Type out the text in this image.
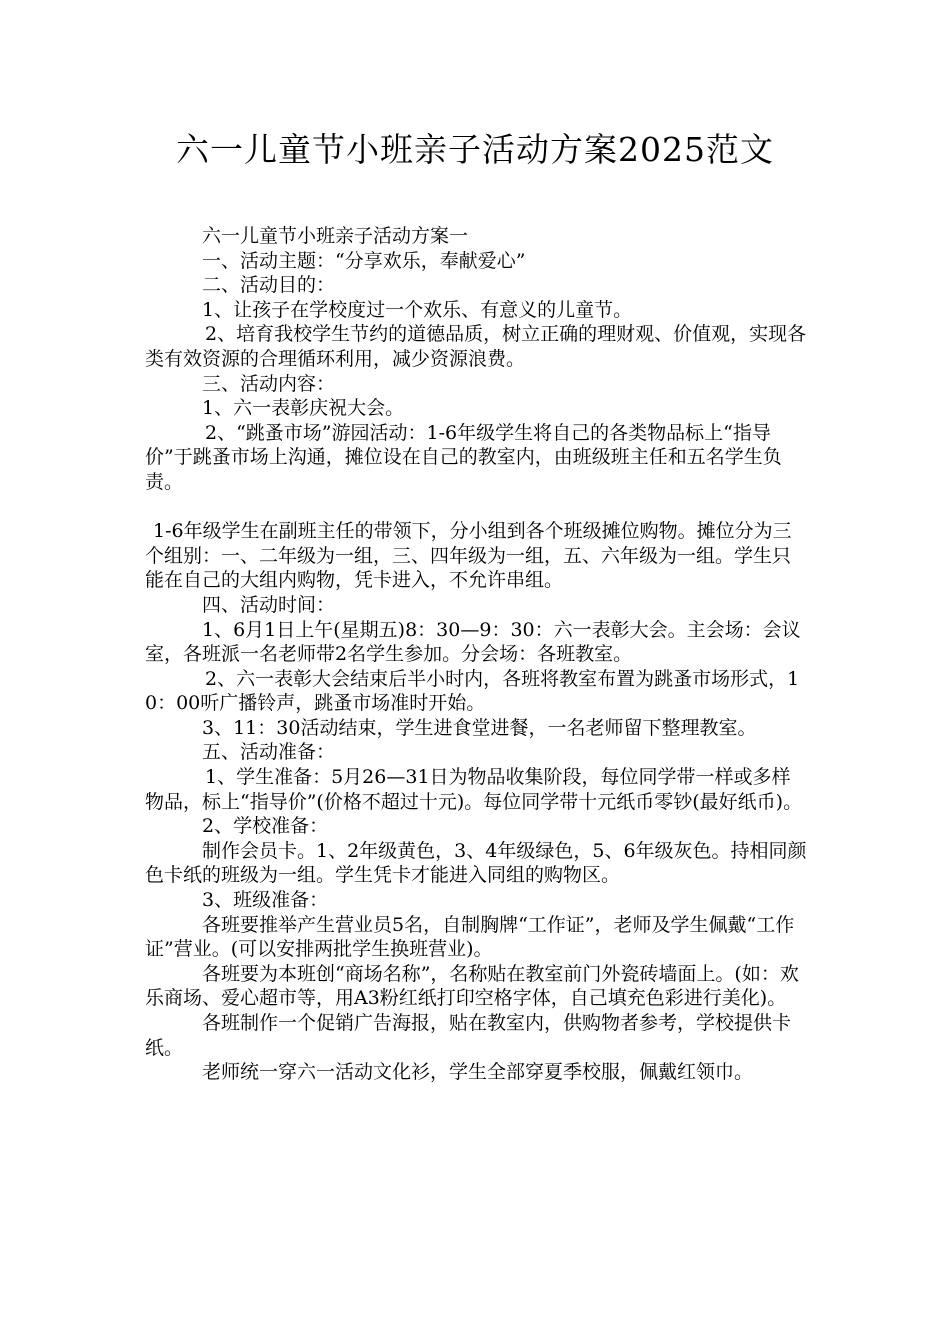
六一儿童节小班亲子活动方案2025范文

六一儿童节小班亲子活动方案一

一、活动主题：“分享欢乐，奉献爱心”

二、活动目的：

1、让孩子在学校度过一个欢乐、有意义的儿童节。

2、培育我校学生节约的道德品质，树立正确的理财观、价值观，实现各类有效资源的合理循环利用，减少资源浪费。

三、活动内容：

1、六一表彰庆祝大会。

2、“跳蚤市场”游园活动：1-6年级学生将自己的各类物品标上“指导价”于跳蚤市场上沟通，摊位设在自己的教室内，由班级班主任和五名学生负责。

1-6年级学生在副班主任的带领下，分小组到各个班级摊位购物。摊位分为三个组别：一、二年级为一组，三、四年级为一组，五、六年级为一组。学生只能在自己的大组内购物，凭卡进入，不允许串组。

四、活动时间：

1、6月1日上午(星期五)8：30—9：30：六一表彰大会。主会场：会议室，各班派一名老师带2名学生参加。分会场：各班教室。

2、六一表彰大会结束后半小时内，各班将教室布置为跳蚤市场形式，10：00听广播铃声，跳蚤市场准时开始。

3、11：30活动结束，学生进食堂进餐，一名老师留下整理教室。

五、活动准备：

1、学生准备：5月26—31日为物品收集阶段，每位同学带一样或多样物品，标上“指导价”(价格不超过十元)。每位同学带十元纸币零钞(最好纸币)。

2、学校准备：

制作会员卡。1、2年级黄色，3、4年级绿色，5、6年级灰色。持相同颜色卡纸的班级为一组。学生凭卡才能进入同组的购物区。

3、班级准备：

各班要推举产生营业员5名，自制胸牌“工作证”，老师及学生佩戴“工作证”营业。(可以安排两批学生换班营业)。

各班要为本班创“商场名称”，名称贴在教室前门外瓷砖墙面上。(如：欢乐商场、爱心超市等，用A3粉红纸打印空格字体，自己填充色彩进行美化)。

各班制作一个促销广告海报，贴在教室内，供购物者参考，学校提供卡纸。

老师统一穿六一活动文化衫，学生全部穿夏季校服，佩戴红领巾。
